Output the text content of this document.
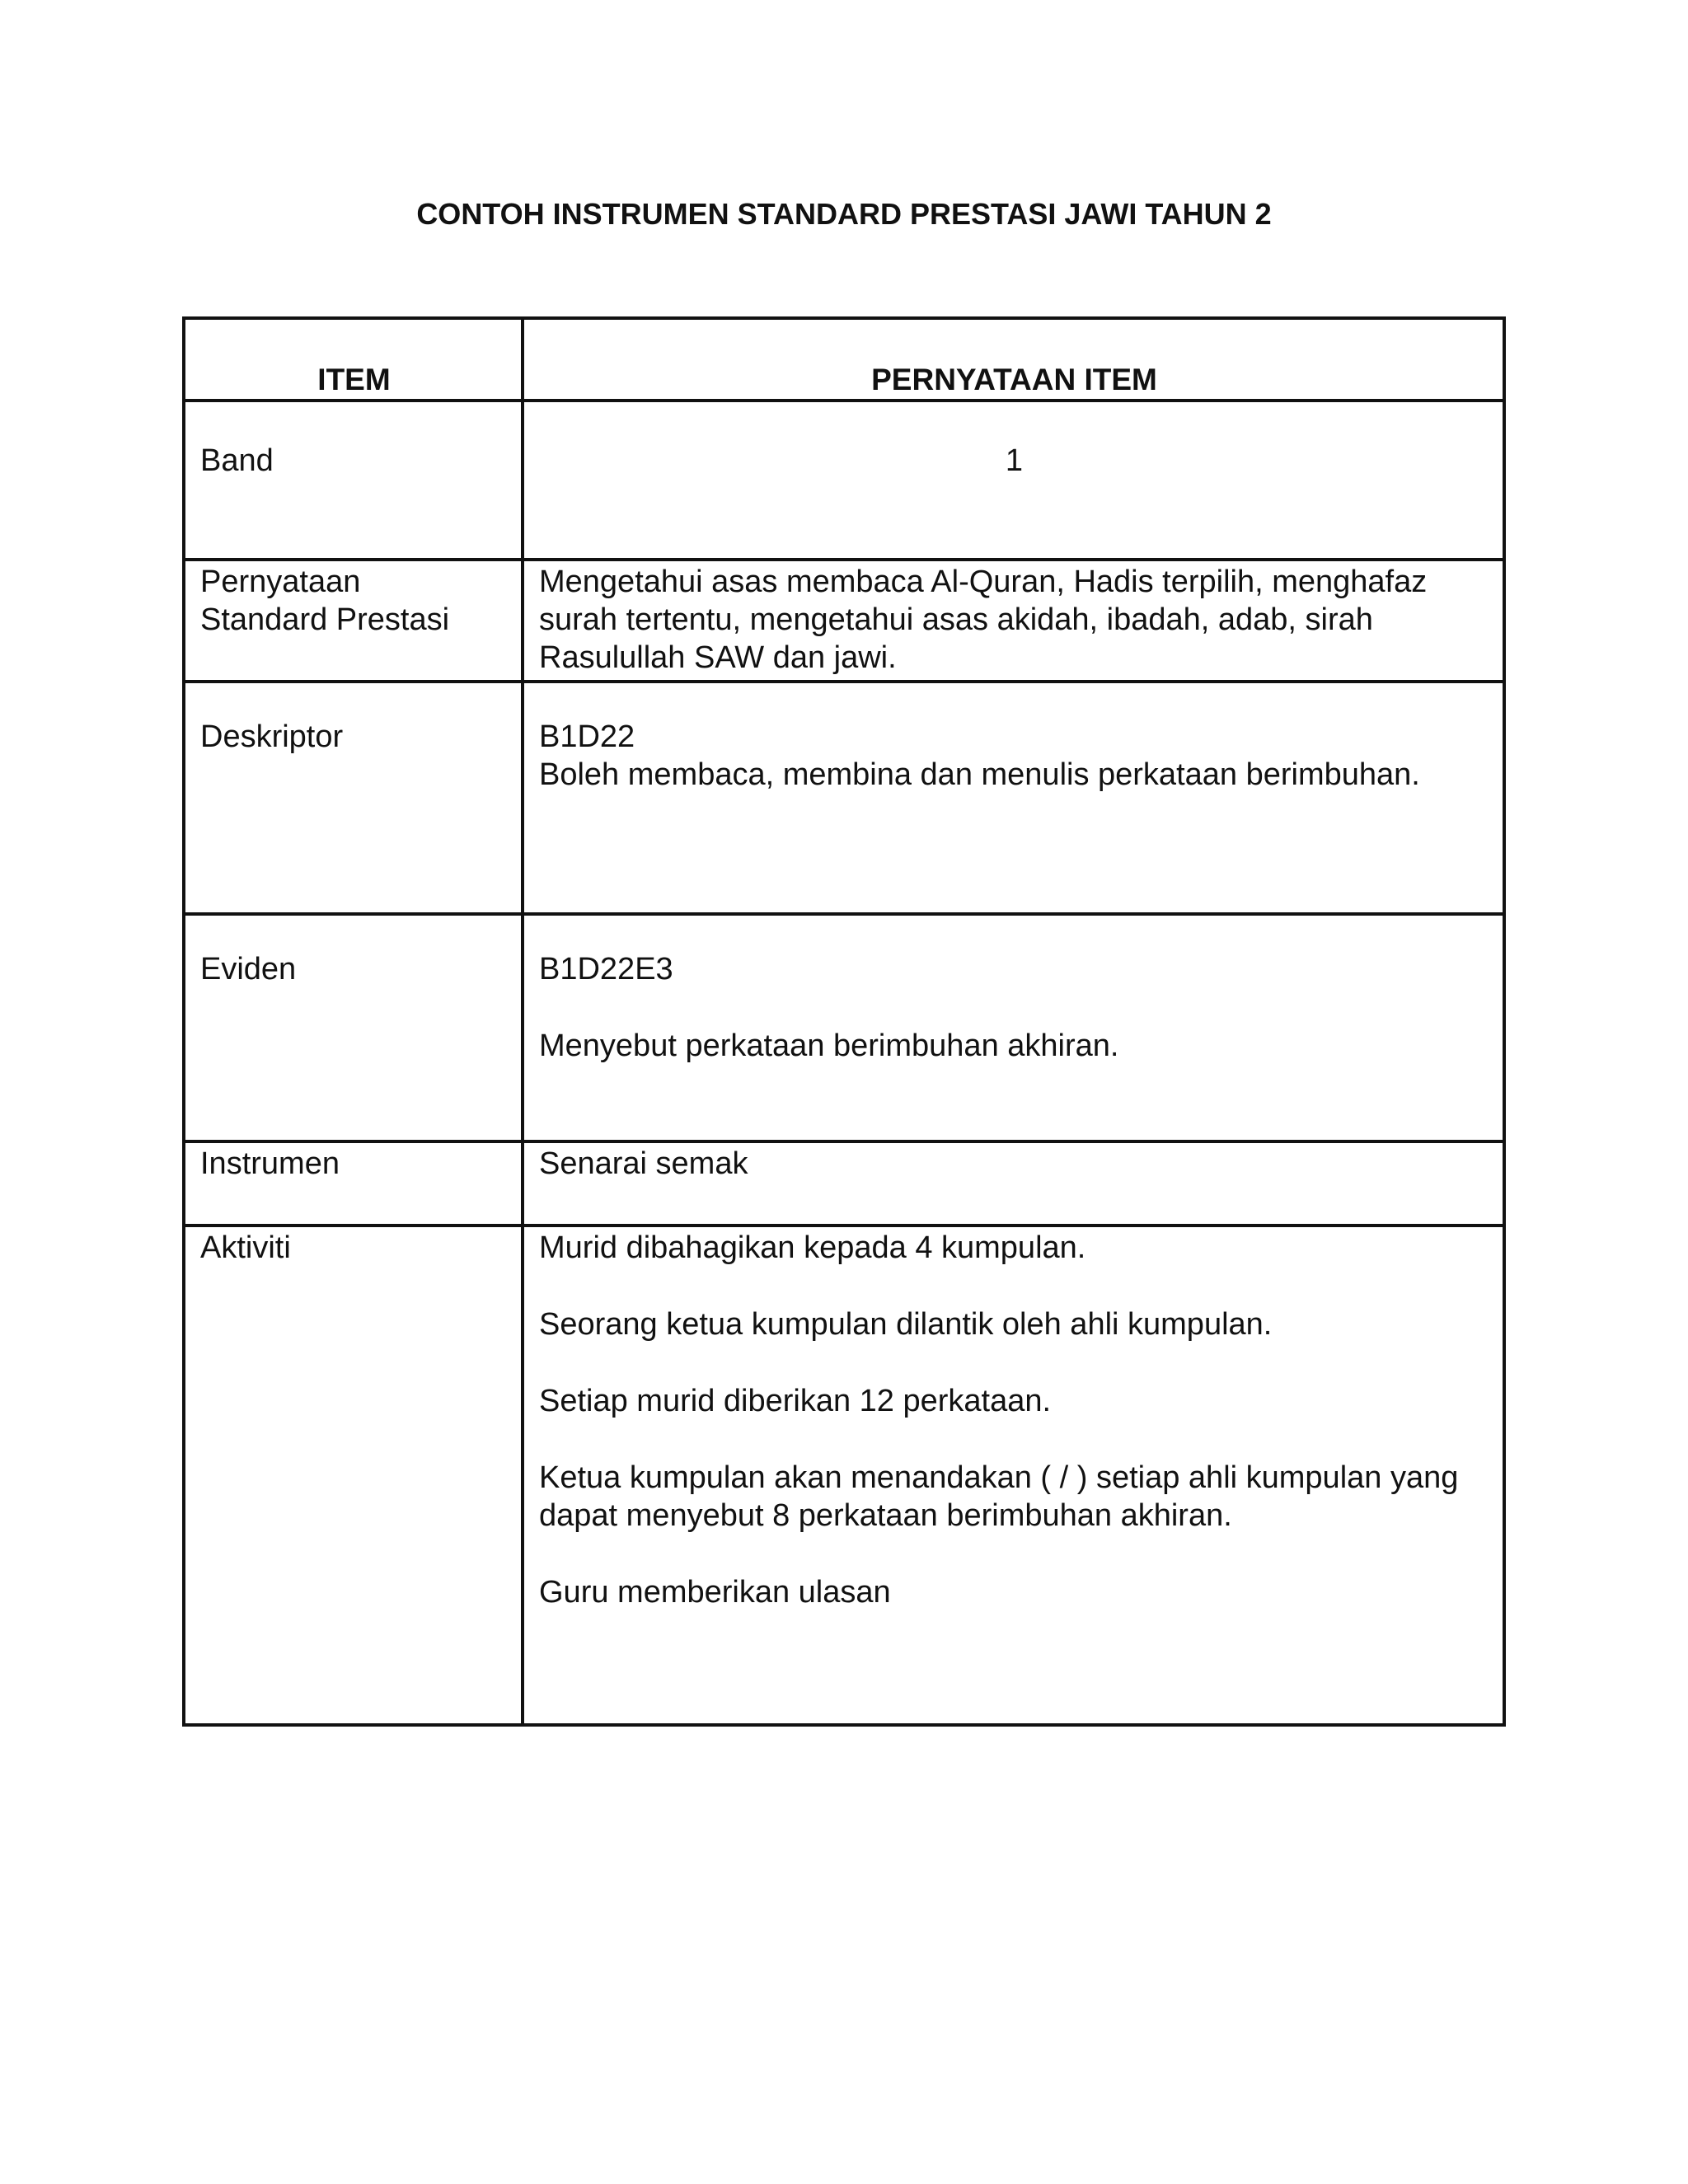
CONTOH INSTRUMEN STANDARD PRESTASI JAWI TAHUN 2
ITEM	PERNYATAAN ITEM
Band	1

Pernyataan
Standard Prestasi	Mengetahui asas membaca Al-Quran, Hadis terpilih, menghafaz surah tertentu, mengetahui asas akidah, ibadah, adab, sirah Rasulullah SAW dan jawi.
Deskriptor	B1D22
Boleh membaca, membina dan menulis perkataan berimbuhan.

Eviden	B1D22E3
Menyebut perkataan berimbuhan akhiran.

Instrumen	Senarai semak
Aktiviti	Murid dibahagikan kepada 4 kumpulan.
Seorang ketua kumpulan dilantik oleh ahli kumpulan.
Setiap murid diberikan 12 perkataan.
Ketua kumpulan akan menandakan ( / ) setiap ahli kumpulan yang dapat menyebut 8 perkataan berimbuhan akhiran.
Guru memberikan ulasan
